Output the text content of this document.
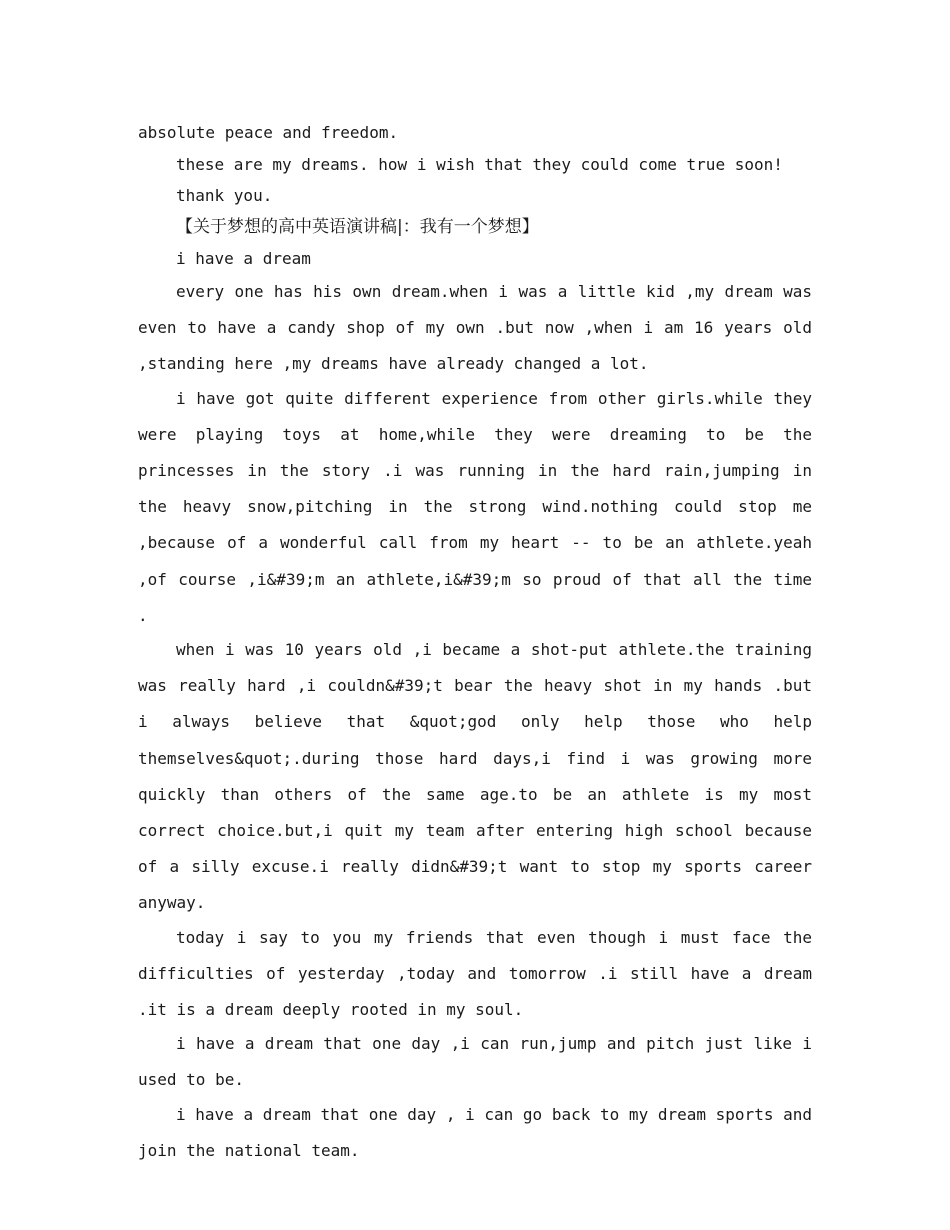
absolute peace and freedom.

these are my dreams. how i wish that they could come true soon!

thank you.

【关于梦想的高中英语演讲稿|：我有一个梦想】

i have a dream

every one has his own dream.when i was a little kid ,my dream was even to have a candy shop of my own .but now ,when i am 16 years old ,standing here ,my dreams have already changed a lot.

i have got quite different experience from other girls.while they were playing toys at home,while they were dreaming to be the princesses in the story .i was running in the hard rain,jumping in the heavy snow,pitching in the strong wind.nothing could stop me ,because of a wonderful call from my heart -- to be an athlete.yeah ,of course ,i&#39;m an athlete,i&#39;m so proud of that all the time .

when i was 10 years old ,i became a shot-put athlete.the training was really hard ,i couldn&#39;t bear the heavy shot in my hands .but i always believe that &quot;god only help those who help themselves&quot;.during those hard days,i find i was growing more quickly than others of the same age.to be an athlete is my most correct choice.but,i quit my team after entering high school because of a silly excuse.i really didn&#39;t want to stop my sports career anyway.

today i say to you my friends that even though i must face the difficulties of yesterday ,today and tomorrow .i still have a dream .it is a dream deeply rooted in my soul.

i have a dream that one day ,i can run,jump and pitch just like i used to be.

i have a dream that one day , i can go back to my dream sports and join the national team.
